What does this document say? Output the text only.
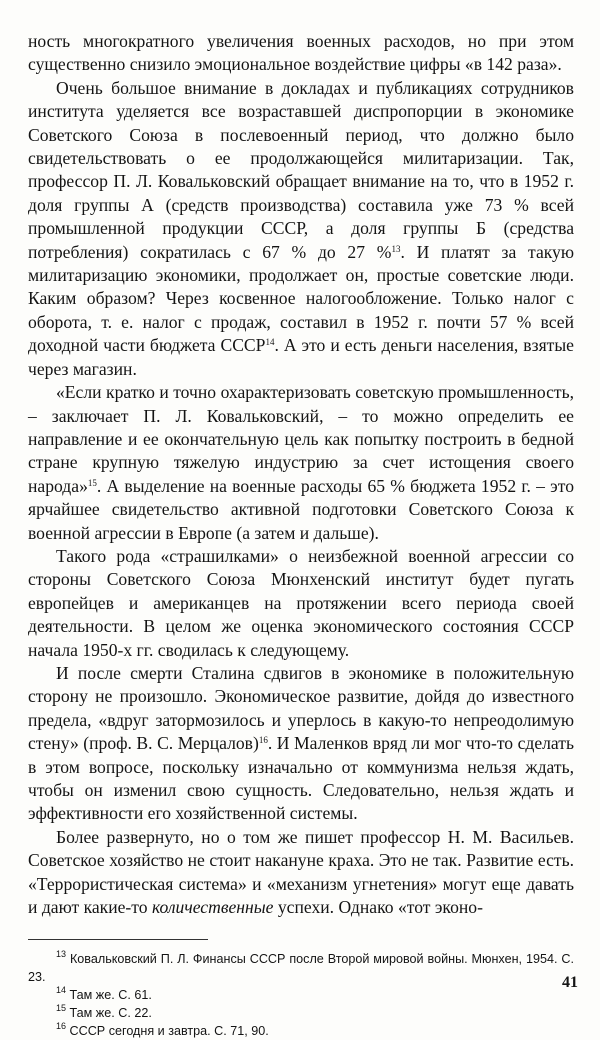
ность многократного увеличения военных расходов, но при этом существенно снизило эмоциональное воздействие цифры «в 142 раза».

Очень большое внимание в докладах и публикациях сотрудников института уделяется все возраставшей диспропорции в экономике Советского Союза в послевоенный период, что должно было свидетельствовать о ее продолжающейся милитаризации. Так, профессор П. Л. Ковальковский обращает внимание на то, что в 1952 г. доля группы А (средств производства) составила уже 73 % всей промышленной продукции СССР, а доля группы Б (средства потребления) сократилась с 67 % до 27 %$^{13}$. И платят за такую милитаризацию экономики, продолжает он, простые советские люди. Каким образом? Через косвенное налогообложение. Только налог с оборота, т. е. налог с продаж, составил в 1952 г. почти 57 % всей доходной части бюджета СССР$^{14}$. А это и есть деньги населения, взятые через магазин.

«Если кратко и точно охарактеризовать советскую промышленность, – заключает П. Л. Ковальковский, – то можно определить ее направление и ее окончательную цель как попытку построить в бедной стране крупную тяжелую индустрию за счет истощения своего народа»$^{15}$. А выделение на военные расходы 65 % бюджета 1952 г. – это ярчайшее свидетельство активной подготовки Советского Союза к военной агрессии в Европе (а затем и дальше).

Такого рода «страшилками» о неизбежной военной агрессии со стороны Советского Союза Мюнхенский институт будет пугать европейцев и американцев на протяжении всего периода своей деятельности. В целом же оценка экономического состояния СССР начала 1950-х гг. сводилась к следующему.

И после смерти Сталина сдвигов в экономике в положительную сторону не произошло. Экономическое развитие, дойдя до известного предела, «вдруг затормозилось и уперлось в какую-то непреодолимую стену» (проф. В. С. Мерцалов)$^{16}$. И Маленков вряд ли мог что-то сделать в этом вопросе, поскольку изначально от коммунизма нельзя ждать, чтобы он изменил свою сущность. Следовательно, нельзя ждать и эффективности его хозяйственной системы.

Более развернуто, но о том же пишет профессор Н. М. Васильев. Советское хозяйство не стоит накануне краха. Это не так. Развитие есть. «Террористическая система» и «механизм угнетения» могут еще давать и дают какие-то количественные успехи. Однако «тот эконо-

$^{13}$ Ковальковский П. Л. Финансы СССР после Второй мировой войны. Мюнхен, 1954. С. 23.

$^{14}$ Там же. С. 61.

$^{15}$ Там же. С. 22.

$^{16}$ СССР сегодня и завтра. С. 71, 90.

41
